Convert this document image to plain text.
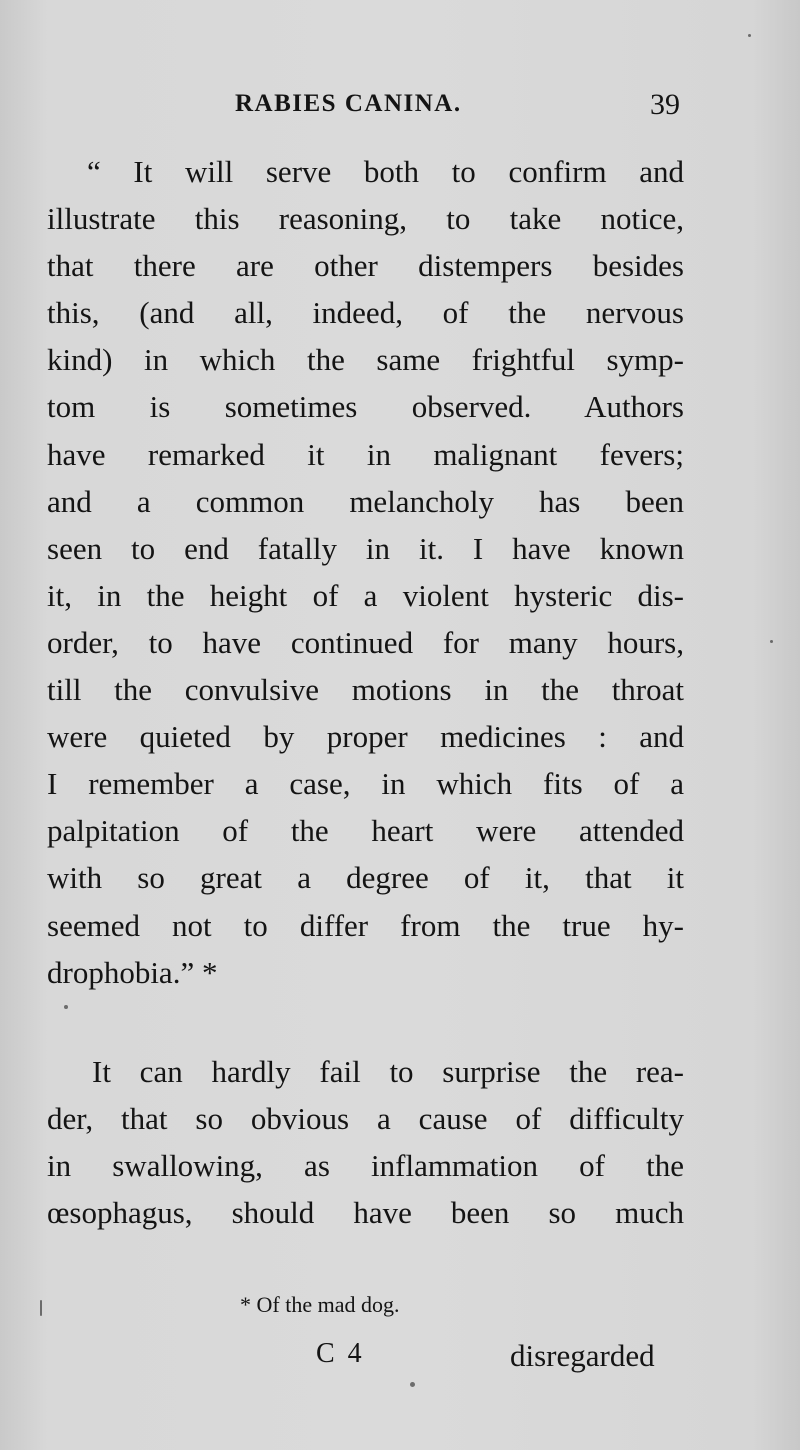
RABIES CANINA.	39
“ It will serve both to confirm and
illustrate this reasoning, to take notice,
that there are other distempers besides
this, (and all, indeed, of the nervous
kind) in which the same frightful symp-
tom is sometimes observed. Authors
have remarked it in malignant fevers;
and a common melancholy has been
seen to end fatally in it. I have known
it, in the height of a violent hysteric dis-
order, to have continued for many hours,
till the convulsive motions in the throat
were quieted by proper medicines : and
I remember a case, in which fits of a
palpitation of the heart were attended
with so great a degree of it, that it
seemed not to differ from the true hy-
drophobia.” *
It can hardly fail to surprise the rea-
der, that so obvious a cause of difficulty
in swallowing, as inflammation of the
œsophagus, should have been so much
* Of the mad dog.
C 4	disregarded
